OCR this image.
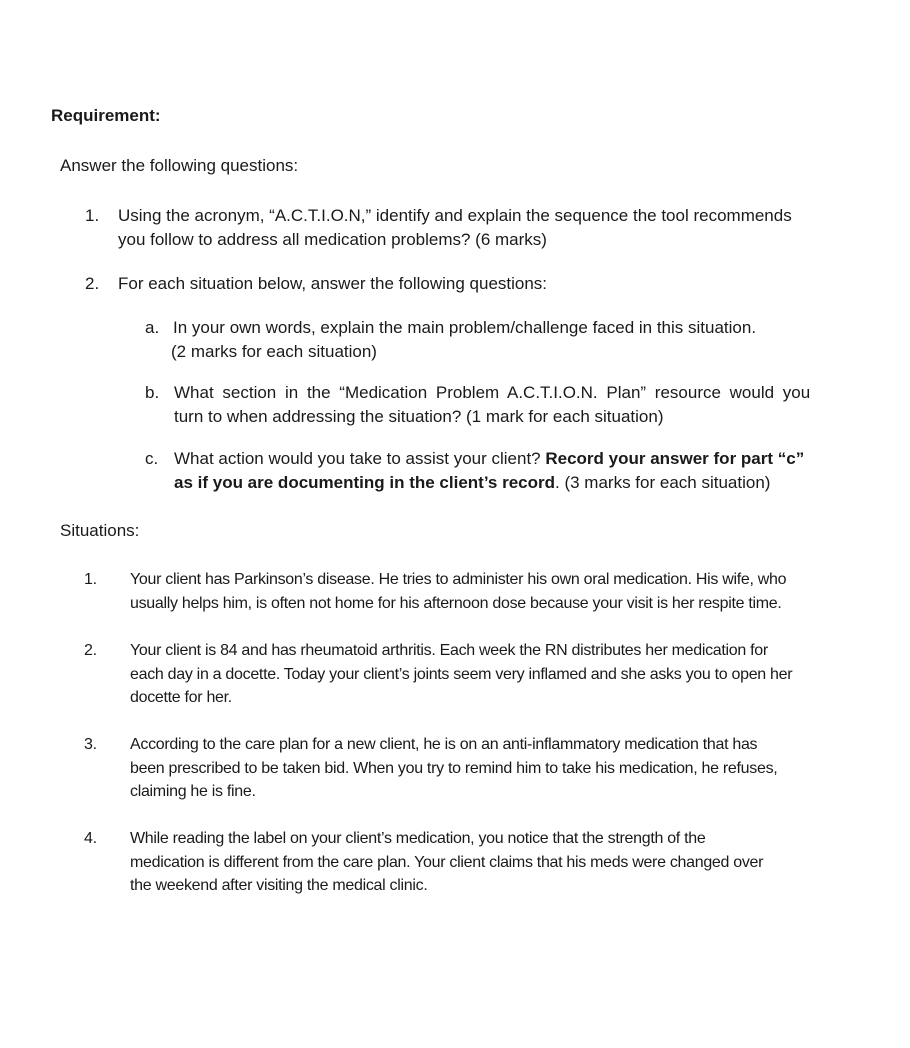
Requirement:
Answer the following questions:
1. Using the acronym, “A.C.T.I.O.N,” identify and explain the sequence the tool recommends
you follow to address all medication problems? (6 marks)
2. For each situation below, answer the following questions:
a. In your own words, explain the main problem/challenge faced in this situation.
(2 marks for each situation)
b. What section in the “Medication Problem A.C.T.I.O.N. Plan” resource would you
turn to when addressing the situation? (1 mark for each situation)
c. What action would you take to assist your client? Record your answer for part “c”
as if you are documenting in the client’s record. (3 marks for each situation)
Situations:
1. Your client has Parkinson’s disease. He tries to administer his own oral medication. His wife, who
usually helps him, is often not home for his afternoon dose because your visit is her respite time.
2. Your client is 84 and has rheumatoid arthritis. Each week the RN distributes her medication for
each day in a docette. Today your client’s joints seem very inflamed and she asks you to open her
docette for her.
3. According to the care plan for a new client, he is on an anti-inflammatory medication that has
been prescribed to be taken bid. When you try to remind him to take his medication, he refuses,
claiming he is fine.
4. While reading the label on your client’s medication, you notice that the strength of the
medication is different from the care plan. Your client claims that his meds were changed over
the weekend after visiting the medical clinic.
